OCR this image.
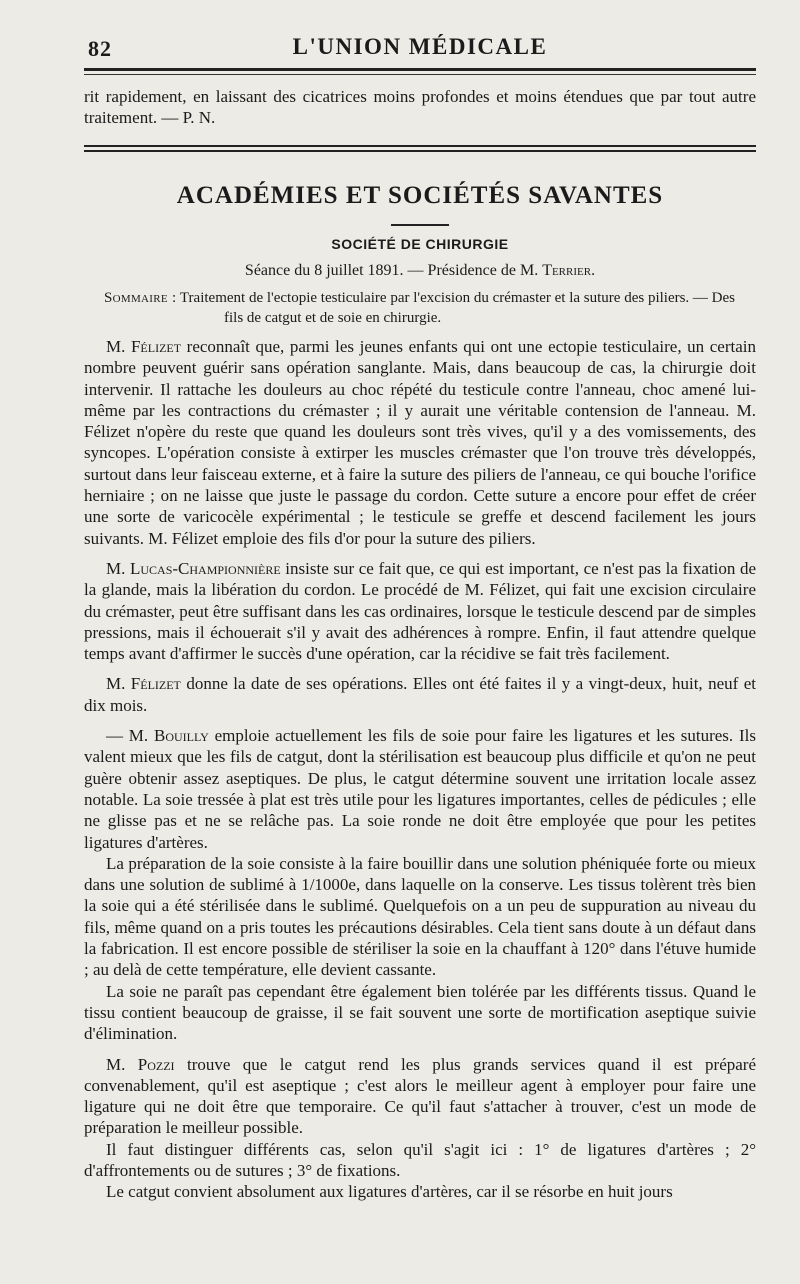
82	L'UNION MÉDICALE

rit rapidement, en laissant des cicatrices moins profondes et moins étendues que par tout autre traitement. — P. N.

ACADÉMIES ET SOCIÉTÉS SAVANTES
SOCIÉTÉ DE CHIRURGIE
Séance du 8 juillet 1891. — Présidence de M. Terrier.
Sommaire : Traitement de l'ectopie testiculaire par l'excision du crémaster et la suture des piliers. — Des fils de catgut et de soie en chirurgie.

M. Félizet reconnaît que, parmi les jeunes enfants qui ont une ectopie testiculaire, un certain nombre peuvent guérir sans opération sanglante. Mais, dans beaucoup de cas, la chirurgie doit intervenir. Il rattache les douleurs au choc répété du testicule contre l'anneau, choc amené lui-même par les contractions du crémaster ; il y aurait une véritable contension de l'anneau. M. Félizet n'opère du reste que quand les douleurs sont très vives, qu'il y a des vomissements, des syncopes. L'opération consiste à extirper les muscles crémaster que l'on trouve très développés, surtout dans leur faisceau externe, et à faire la suture des piliers de l'anneau, ce qui bouche l'orifice herniaire ; on ne laisse que juste le passage du cordon. Cette suture a encore pour effet de créer une sorte de varicocèle expérimental ; le testicule se greffe et descend facilement les jours suivants. M. Félizet emploie des fils d'or pour la suture des piliers.

M. Lucas-Championnière insiste sur ce fait que, ce qui est important, ce n'est pas la fixation de la glande, mais la libération du cordon. Le procédé de M. Félizet, qui fait une excision circulaire du crémaster, peut être suffisant dans les cas ordinaires, lorsque le testicule descend par de simples pressions, mais il échouerait s'il y avait des adhérences à rompre. Enfin, il faut attendre quelque temps avant d'affirmer le succès d'une opération, car la récidive se fait très facilement.

M. Félizet donne la date de ses opérations. Elles ont été faites il y a vingt-deux, huit, neuf et dix mois.

— M. Bouilly emploie actuellement les fils de soie pour faire les ligatures et les sutures. Ils valent mieux que les fils de catgut, dont la stérilisation est beaucoup plus difficile et qu'on ne peut guère obtenir assez aseptiques. De plus, le catgut détermine souvent une irritation locale assez notable. La soie tressée à plat est très utile pour les ligatures importantes, celles de pédicules ; elle ne glisse pas et ne se relâche pas. La soie ronde ne doit être employée que pour les petites ligatures d'artères.

La préparation de la soie consiste à la faire bouillir dans une solution phéniquée forte ou mieux dans une solution de sublimé à 1/1000e, dans laquelle on la conserve. Les tissus tolèrent très bien la soie qui a été stérilisée dans le sublimé. Quelquefois on a un peu de suppuration au niveau du fils, même quand on a pris toutes les précautions désirables. Cela tient sans doute à un défaut dans la fabrication. Il est encore possible de stériliser la soie en la chauffant à 120° dans l'étuve humide ; au delà de cette température, elle devient cassante.

La soie ne paraît pas cependant être également bien tolérée par les différents tissus. Quand le tissu contient beaucoup de graisse, il se fait souvent une sorte de mortification aseptique suivie d'élimination.

M. Pozzi trouve que le catgut rend les plus grands services quand il est préparé convenablement, qu'il est aseptique ; c'est alors le meilleur agent à employer pour faire une ligature qui ne doit être que temporaire. Ce qu'il faut s'attacher à trouver, c'est un mode de préparation le meilleur possible.

Il faut distinguer différents cas, selon qu'il s'agit ici : 1° de ligatures d'artères ; 2° d'affrontements ou de sutures ; 3° de fixations.

Le catgut convient absolument aux ligatures d'artères, car il se résorbe en huit jours
